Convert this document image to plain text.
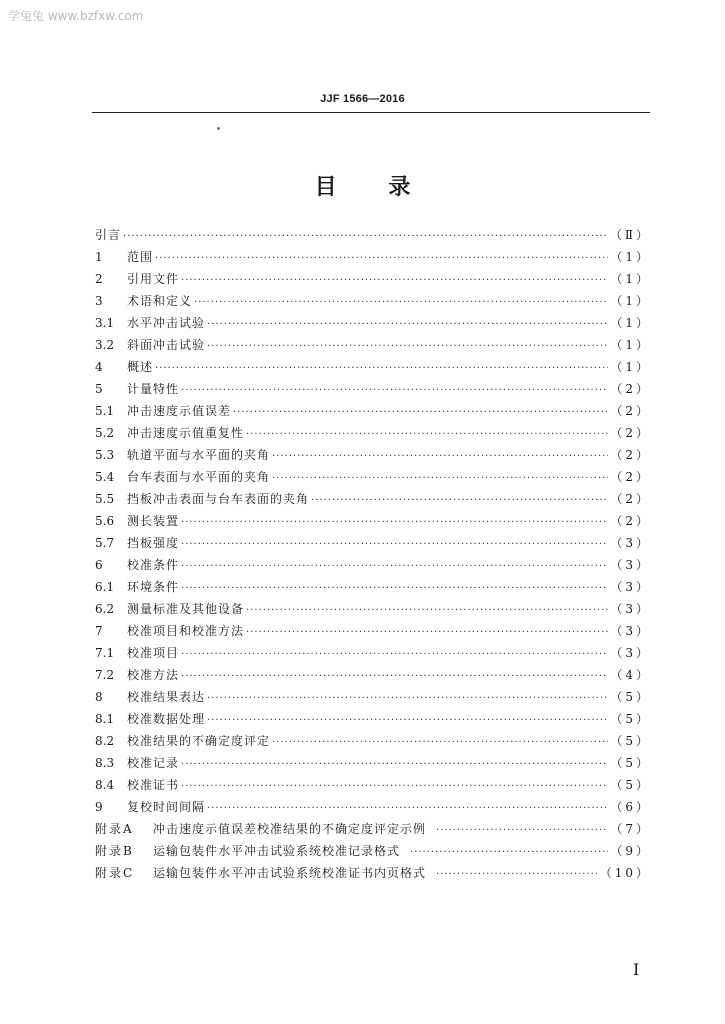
学兔兔 www.bzfxw.com
JJF 1566—2016
目 录
引言 ·····	（Ⅱ）
1	范围 ·····	（1）
2	引用文件 ·····	（1）
3	术语和定义 ·····	（1）
3.1	水平冲击试验 ·····	（1）
3.2	斜面冲击试验 ·····	（1）
4	概述 ·····	（1）
5	计量特性 ·····	（2）
5.1	冲击速度示值误差 ·····	（2）
5.2	冲击速度示值重复性 ·····	（2）
5.3	轨道平面与水平面的夹角 ·····	（2）
5.4	台车表面与水平面的夹角 ·····	（2）
5.5	挡板冲击表面与台车表面的夹角 ·····	（2）
5.6	测长装置 ·····	（2）
5.7	挡板强度 ·····	（3）
6	校准条件 ·····	（3）
6.1	环境条件 ·····	（3）
6.2	测量标准及其他设备 ·····	（3）
7	校准项目和校准方法 ·····	（3）
7.1	校准项目 ·····	（3）
7.2	校准方法 ·····	（4）
8	校准结果表达 ·····	（5）
8.1	校准数据处理 ·····	（5）
8.2	校准结果的不确定度评定 ·····	（5）
8.3	校准记录 ·····	（5）
8.4	校准证书 ·····	（5）
9	复校时间间隔 ·····	（6）
附录A	冲击速度示值误差校准结果的不确定度评定示例 ·····	（7）
附录B	运输包装件水平冲击试验系统校准记录格式 ·····	（9）
附录C	运输包装件水平冲击试验系统校准证书内页格式 ·····	（10）
Ⅰ
